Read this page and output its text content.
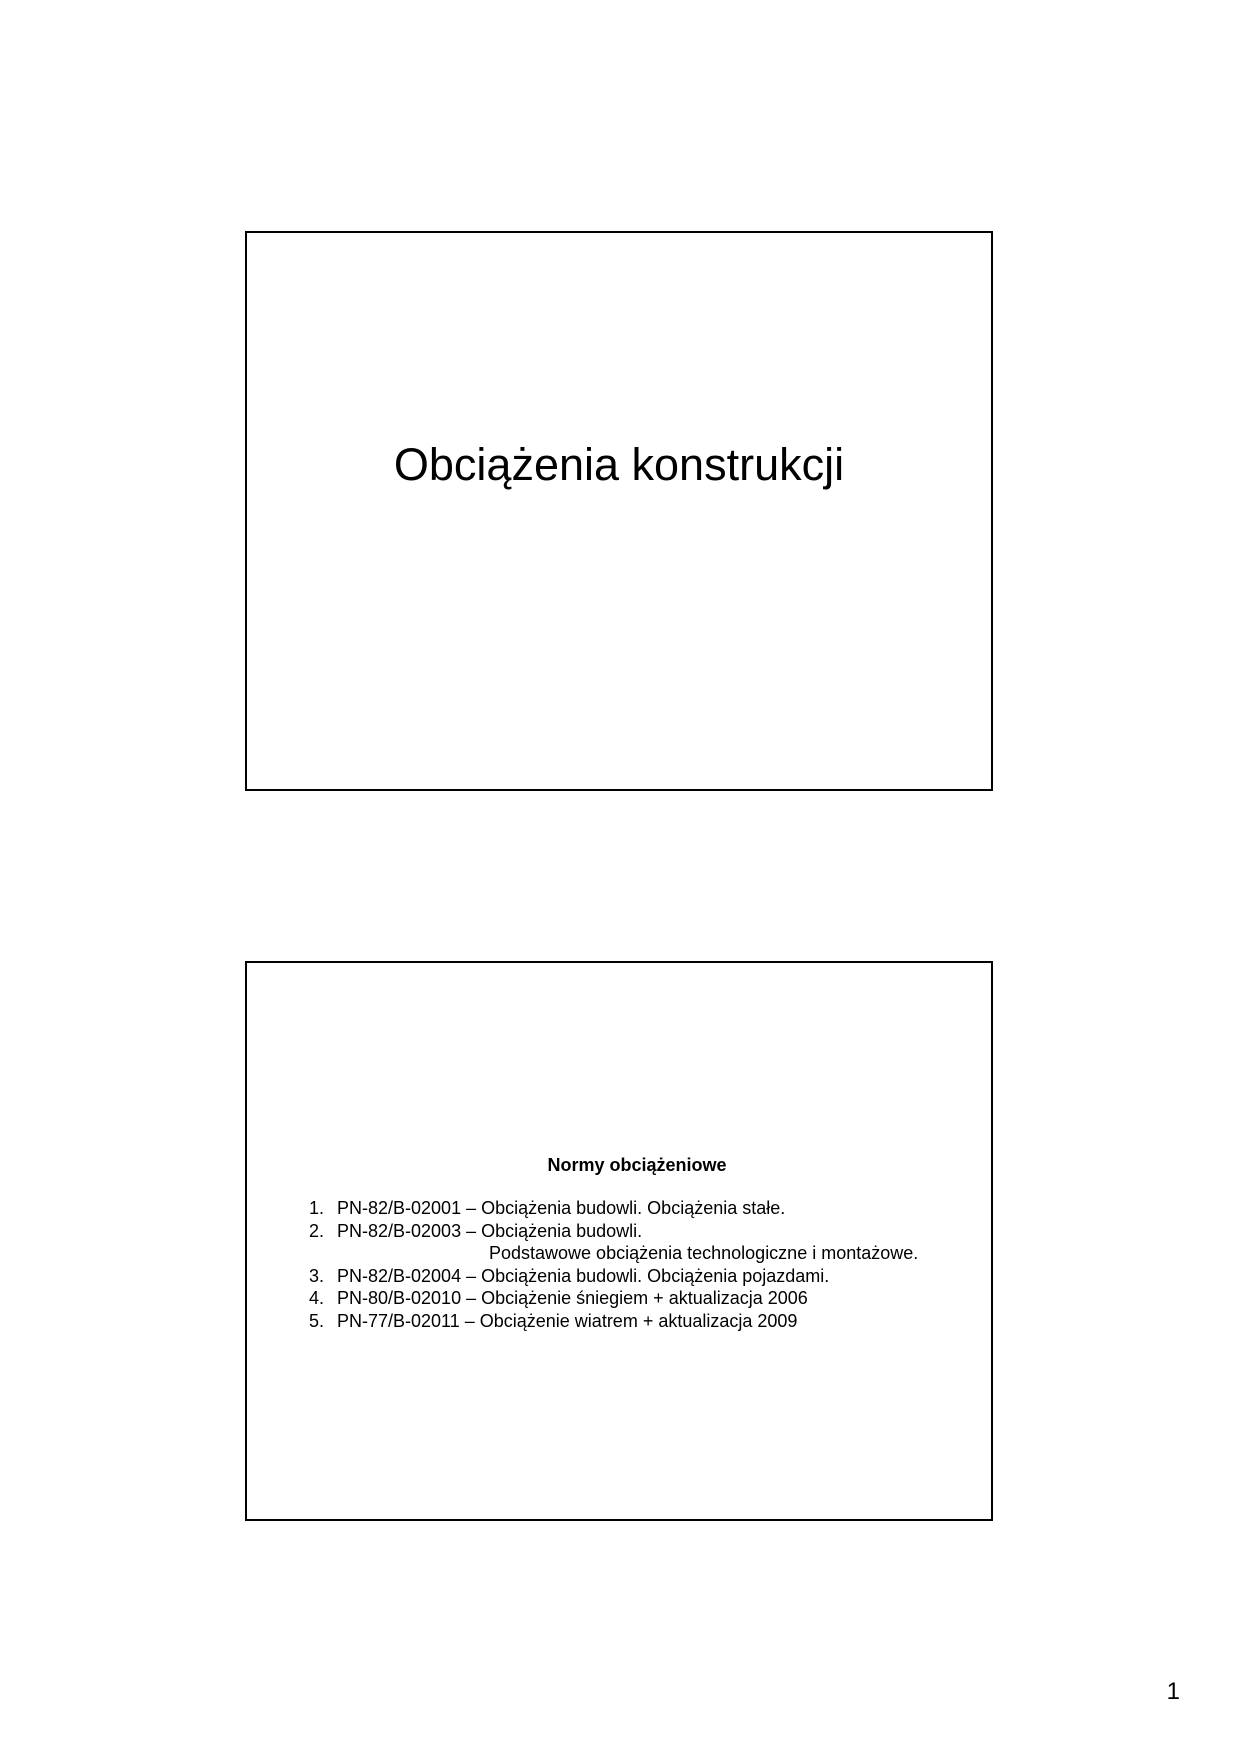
Obciążenia konstrukcji
Normy obciążeniowe
1. PN-82/B-02001 – Obciążenia budowli. Obciążenia stałe.
2. PN-82/B-02003 – Obciążenia budowli.
Podstawowe obciążenia technologiczne i montażowe.
3. PN-82/B-02004 – Obciążenia budowli. Obciążenia pojazdami.
4. PN-80/B-02010 – Obciążenie śniegiem + aktualizacja 2006
5. PN-77/B-02011 – Obciążenie wiatrem + aktualizacja 2009
1
